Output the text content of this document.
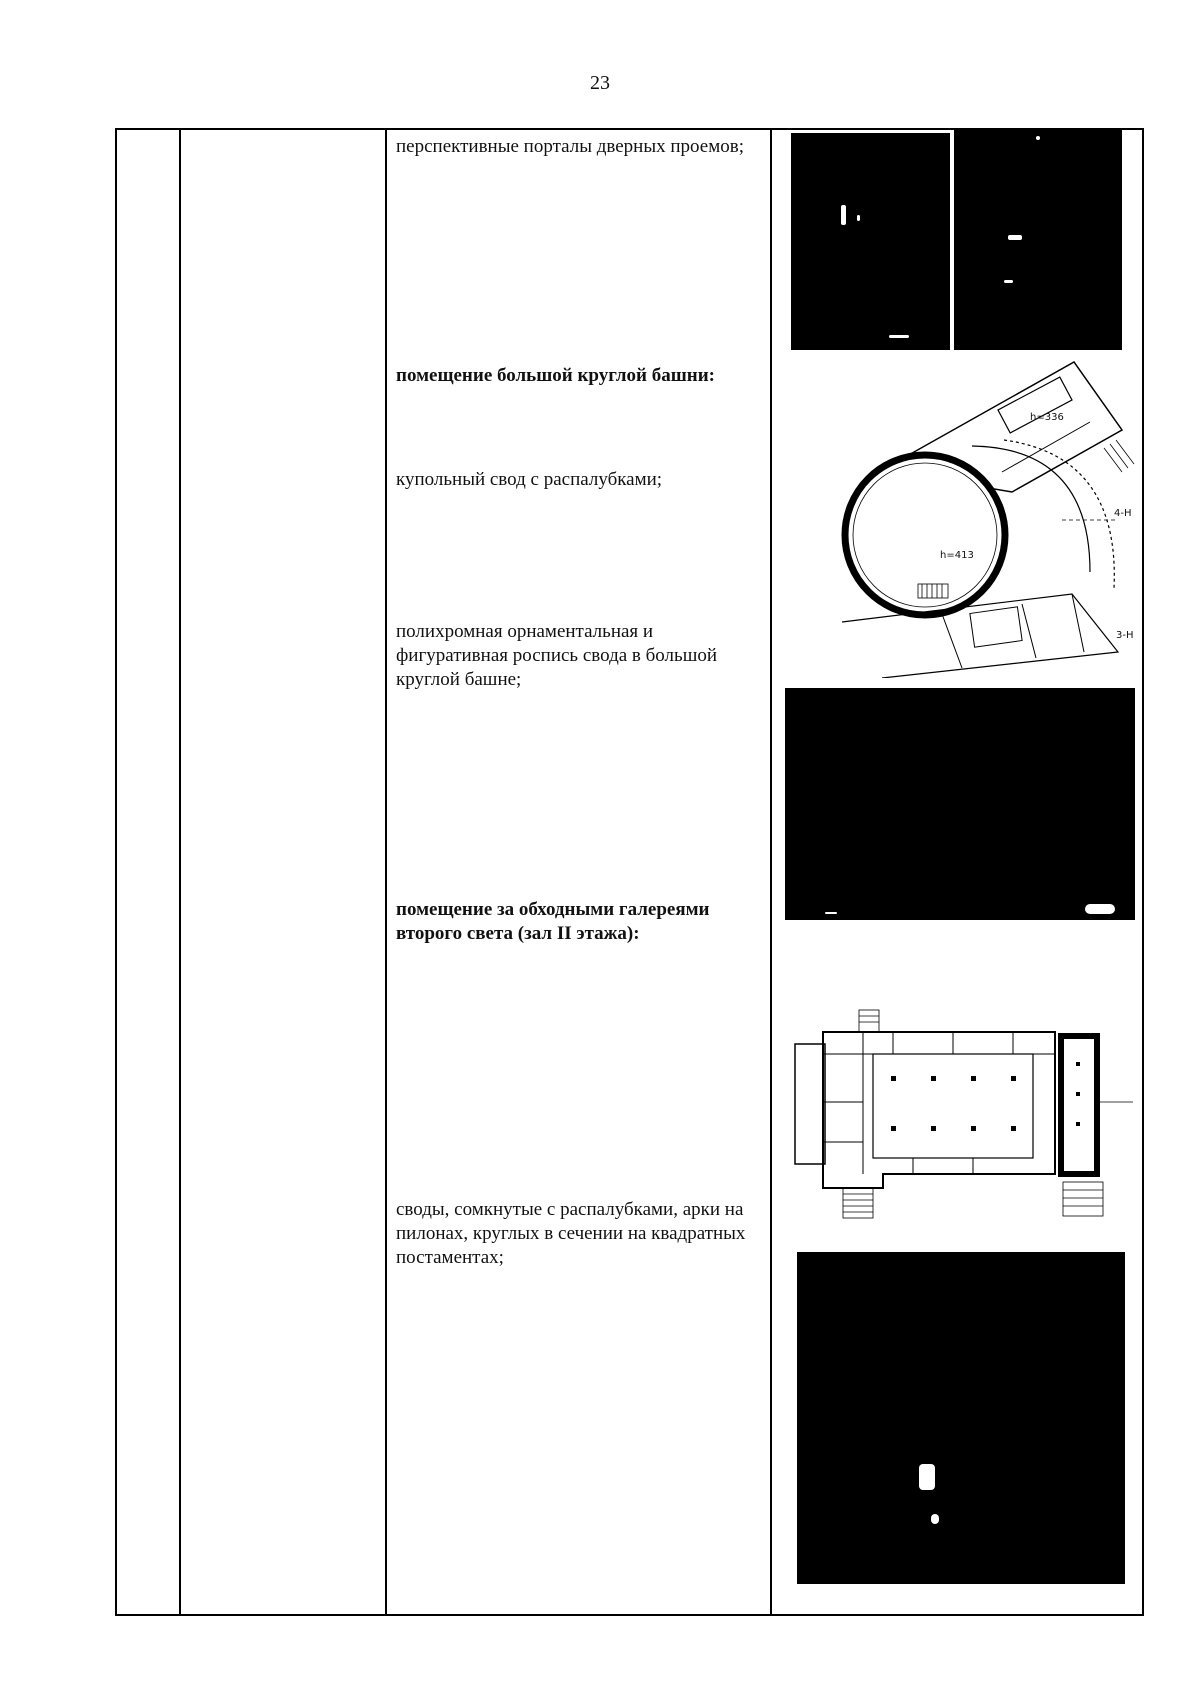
23
перспективные порталы дверных проемов;
помещение большой круглой башни:
купольный свод с распалубками;
полихромная орнаментальная и фигуративная роспись свода в большой круглой башне;
помещение за обходными галереями второго света (зал II этажа):
своды, сомкнутые с распалубками, арки на пилонах, круглых в сечении на квадратных постаментах;
h=336
h=413
4-H
3-H
